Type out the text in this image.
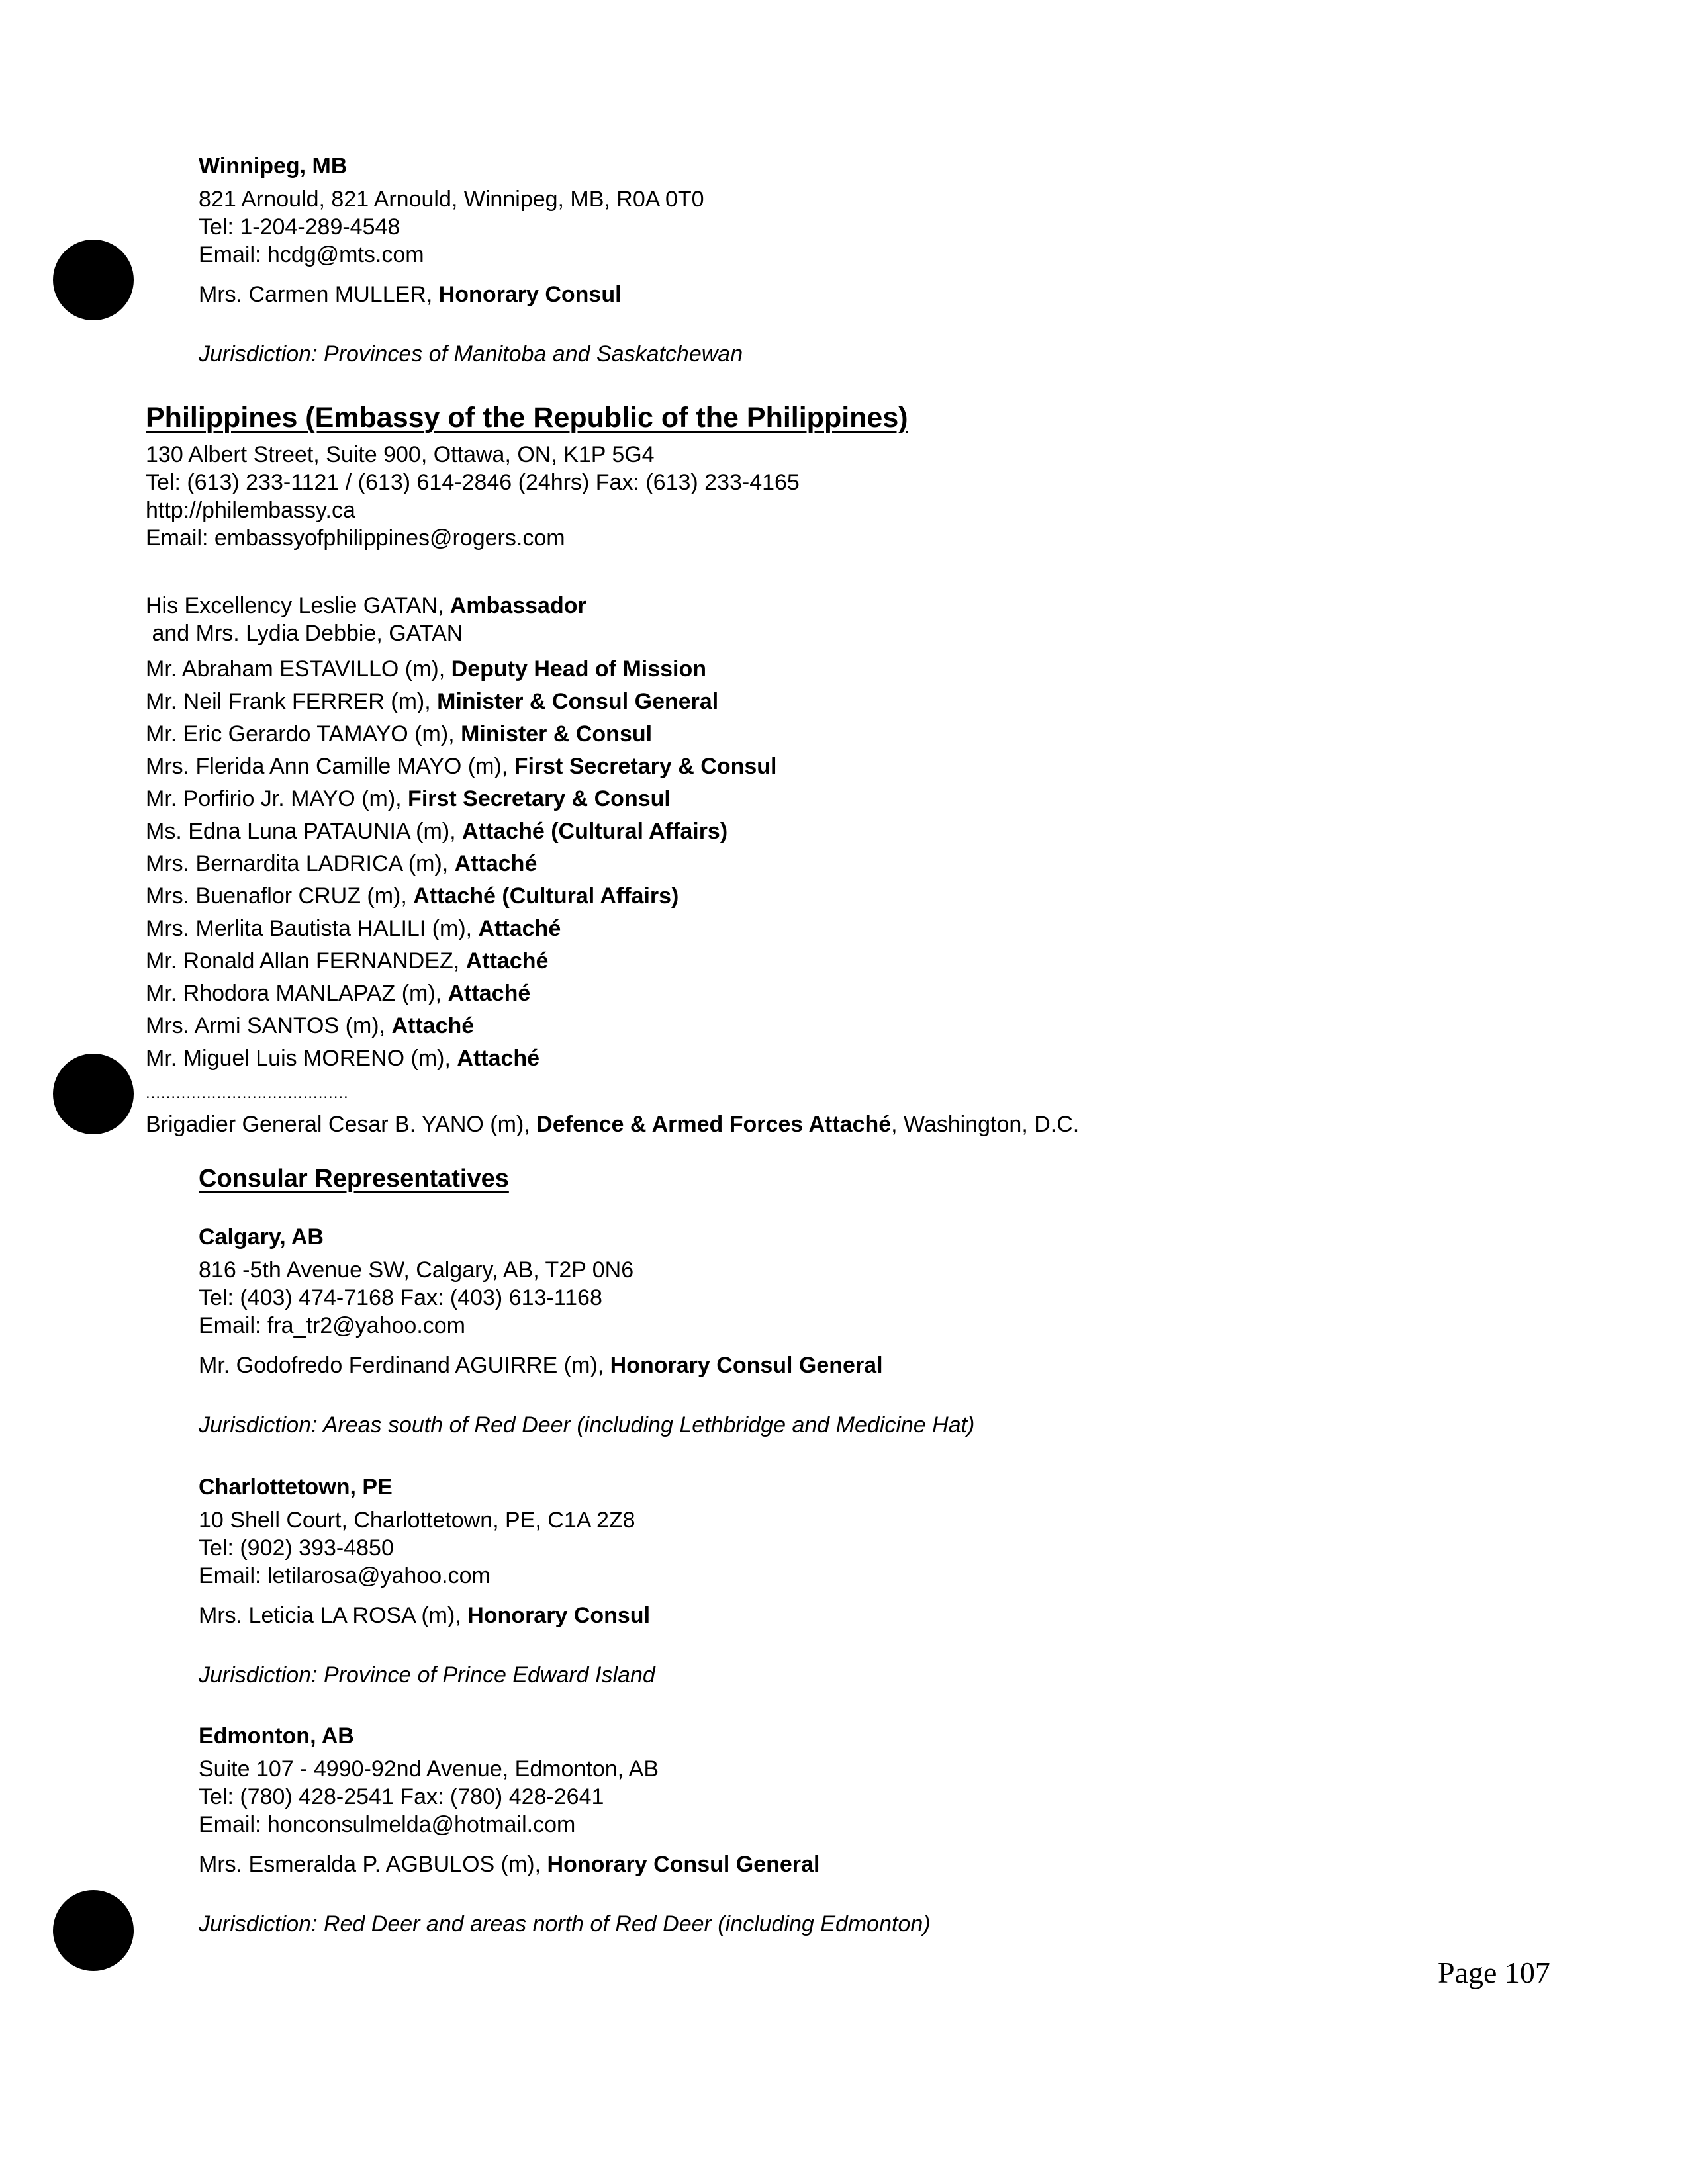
Winnipeg, MB
821 Arnould, 821 Arnould, Winnipeg, MB, R0A 0T0
Tel: 1-204-289-4548
Email: hcdg@mts.com
Mrs. Carmen MULLER, Honorary Consul
Jurisdiction: Provinces of Manitoba and Saskatchewan
Philippines (Embassy of the Republic of the Philippines)
130 Albert Street, Suite 900, Ottawa, ON, K1P 5G4
Tel: (613) 233-1121 / (613) 614-2846 (24hrs) Fax: (613) 233-4165
http://philembassy.ca
Email: embassyofphilippines@rogers.com
His Excellency Leslie GATAN, Ambassador
and Mrs. Lydia Debbie, GATAN
Mr. Abraham ESTAVILLO (m), Deputy Head of Mission
Mr. Neil Frank FERRER (m), Minister & Consul General
Mr. Eric Gerardo TAMAYO (m), Minister & Consul
Mrs. Flerida Ann Camille MAYO (m), First Secretary & Consul
Mr. Porfirio Jr. MAYO (m), First Secretary & Consul
Ms. Edna Luna PATAUNIA (m), Attaché (Cultural Affairs)
Mrs. Bernardita LADRICA (m), Attaché
Mrs. Buenaflor CRUZ (m), Attaché (Cultural Affairs)
Mrs. Merlita Bautista HALILI (m), Attaché
Mr. Ronald Allan FERNANDEZ, Attaché
Mr. Rhodora MANLAPAZ (m), Attaché
Mrs. Armi SANTOS (m), Attaché
Mr. Miguel Luis MORENO (m), Attaché
........................................
Brigadier General Cesar B. YANO (m), Defence & Armed Forces Attaché, Washington, D.C.
Consular Representatives
Calgary, AB
816 -5th Avenue SW, Calgary, AB, T2P 0N6
Tel: (403) 474-7168 Fax: (403) 613-1168
Email: fra_tr2@yahoo.com
Mr. Godofredo Ferdinand AGUIRRE (m), Honorary Consul General
Jurisdiction: Areas south of Red Deer (including Lethbridge and Medicine Hat)
Charlottetown, PE
10 Shell Court, Charlottetown, PE, C1A 2Z8
Tel: (902) 393-4850
Email: letilarosa@yahoo.com
Mrs. Leticia LA ROSA (m), Honorary Consul
Jurisdiction: Province of Prince Edward Island
Edmonton, AB
Suite 107 - 4990-92nd Avenue, Edmonton, AB
Tel: (780) 428-2541 Fax: (780) 428-2641
Email: honconsulmelda@hotmail.com
Mrs. Esmeralda P. AGBULOS (m), Honorary Consul General
Jurisdiction: Red Deer and areas north of Red Deer (including Edmonton)
Page 107
